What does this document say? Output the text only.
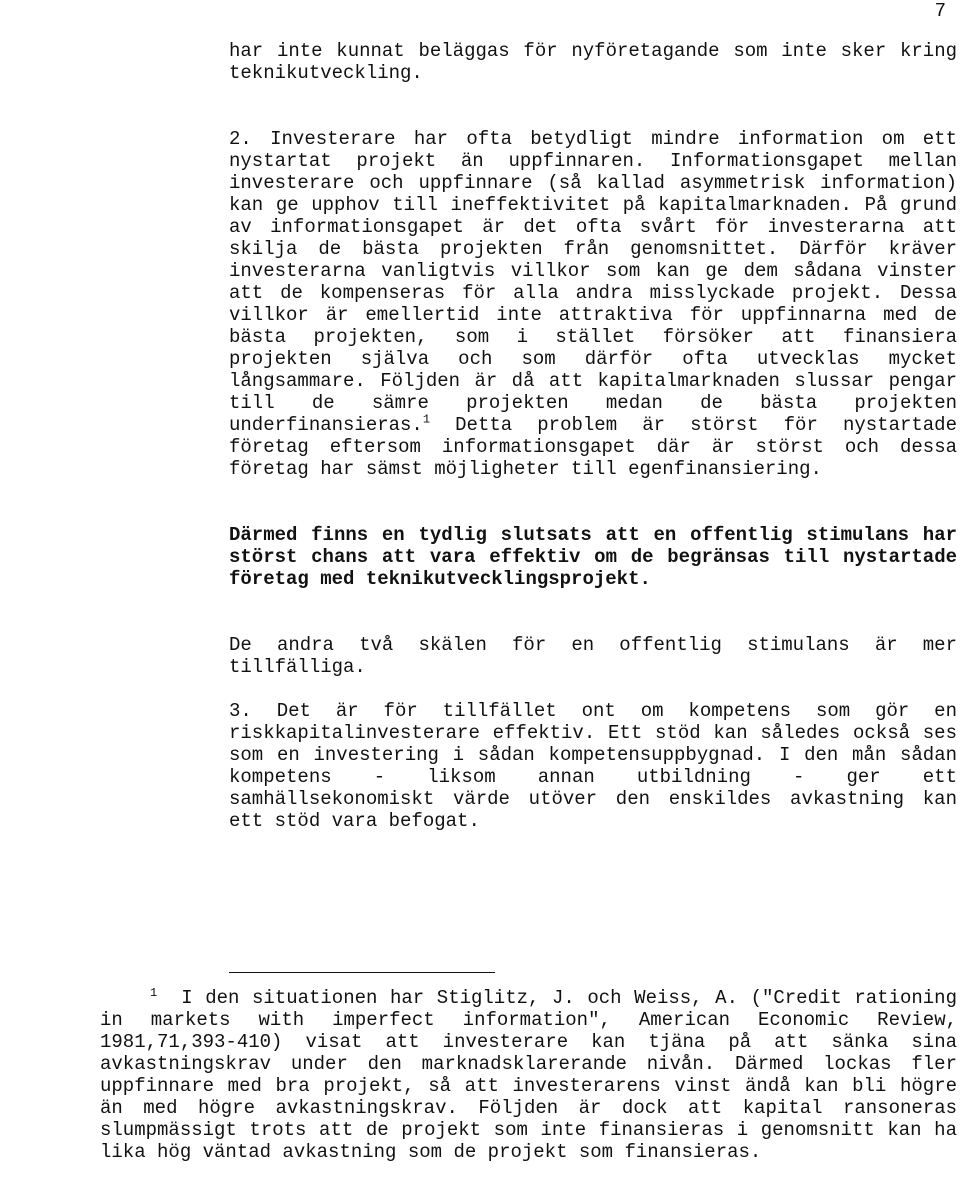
7

har inte kunnat beläggas för nyföretagande som inte sker kring teknikutveckling.

2. Investerare har ofta betydligt mindre information om ett nystartat projekt än uppfinnaren. Informationsgapet mellan investerare och uppfinnare (så kallad asymmetrisk information) kan ge upphov till ineffektivitet på kapitalmarknaden. På grund av informationsgapet är det ofta svårt för investerarna att skilja de bästa projekten från genomsnittet. Därför kräver investerarna vanligtvis villkor som kan ge dem sådana vinster att de kompenseras för alla andra misslyckade projekt. Dessa villkor är emellertid inte attraktiva för uppfinnarna med de bästa projekten, som i stället försöker att finansiera projekten själva och som därför ofta utvecklas mycket långsammare. Följden är då att kapitalmarknaden slussar pengar till de sämre projekten medan de bästa projekten underfinansieras.$^1$ Detta problem är störst för nystartade företag eftersom informationsgapet där är störst och dessa företag har sämst möjligheter till egenfinansiering.

Därmed finns en tydlig slutsats att en offentlig stimulans har störst chans att vara effektiv om de begränsas till nystartade företag med teknikutvecklingsprojekt.

De andra två skälen för en offentlig stimulans är mer tillfälliga.

3. Det är för tillfället ont om kompetens som gör en riskkapitalinvesterare effektiv. Ett stöd kan således också ses som en investering i sådan kompetensuppbygnad. I den mån sådan kompetens - liksom annan utbildning - ger ett samhällsekonomiskt värde utöver den enskildes avkastning kan ett stöd vara befogat.

1 I den situationen har Stiglitz, J. och Weiss, A. ("Credit rationing in markets with imperfect information", American Economic Review, 1981,71,393-410) visat att investerare kan tjäna på att sänka sina avkastningskrav under den marknadsklarerande nivån. Därmed lockas fler uppfinnare med bra projekt, så att investerarens vinst ändå kan bli högre än med högre avkastningskrav. Följden är dock att kapital ransoneras slumpmässigt trots att de projekt som inte finansieras i genomsnitt kan ha lika hög väntad avkastning som de projekt som finansieras.
